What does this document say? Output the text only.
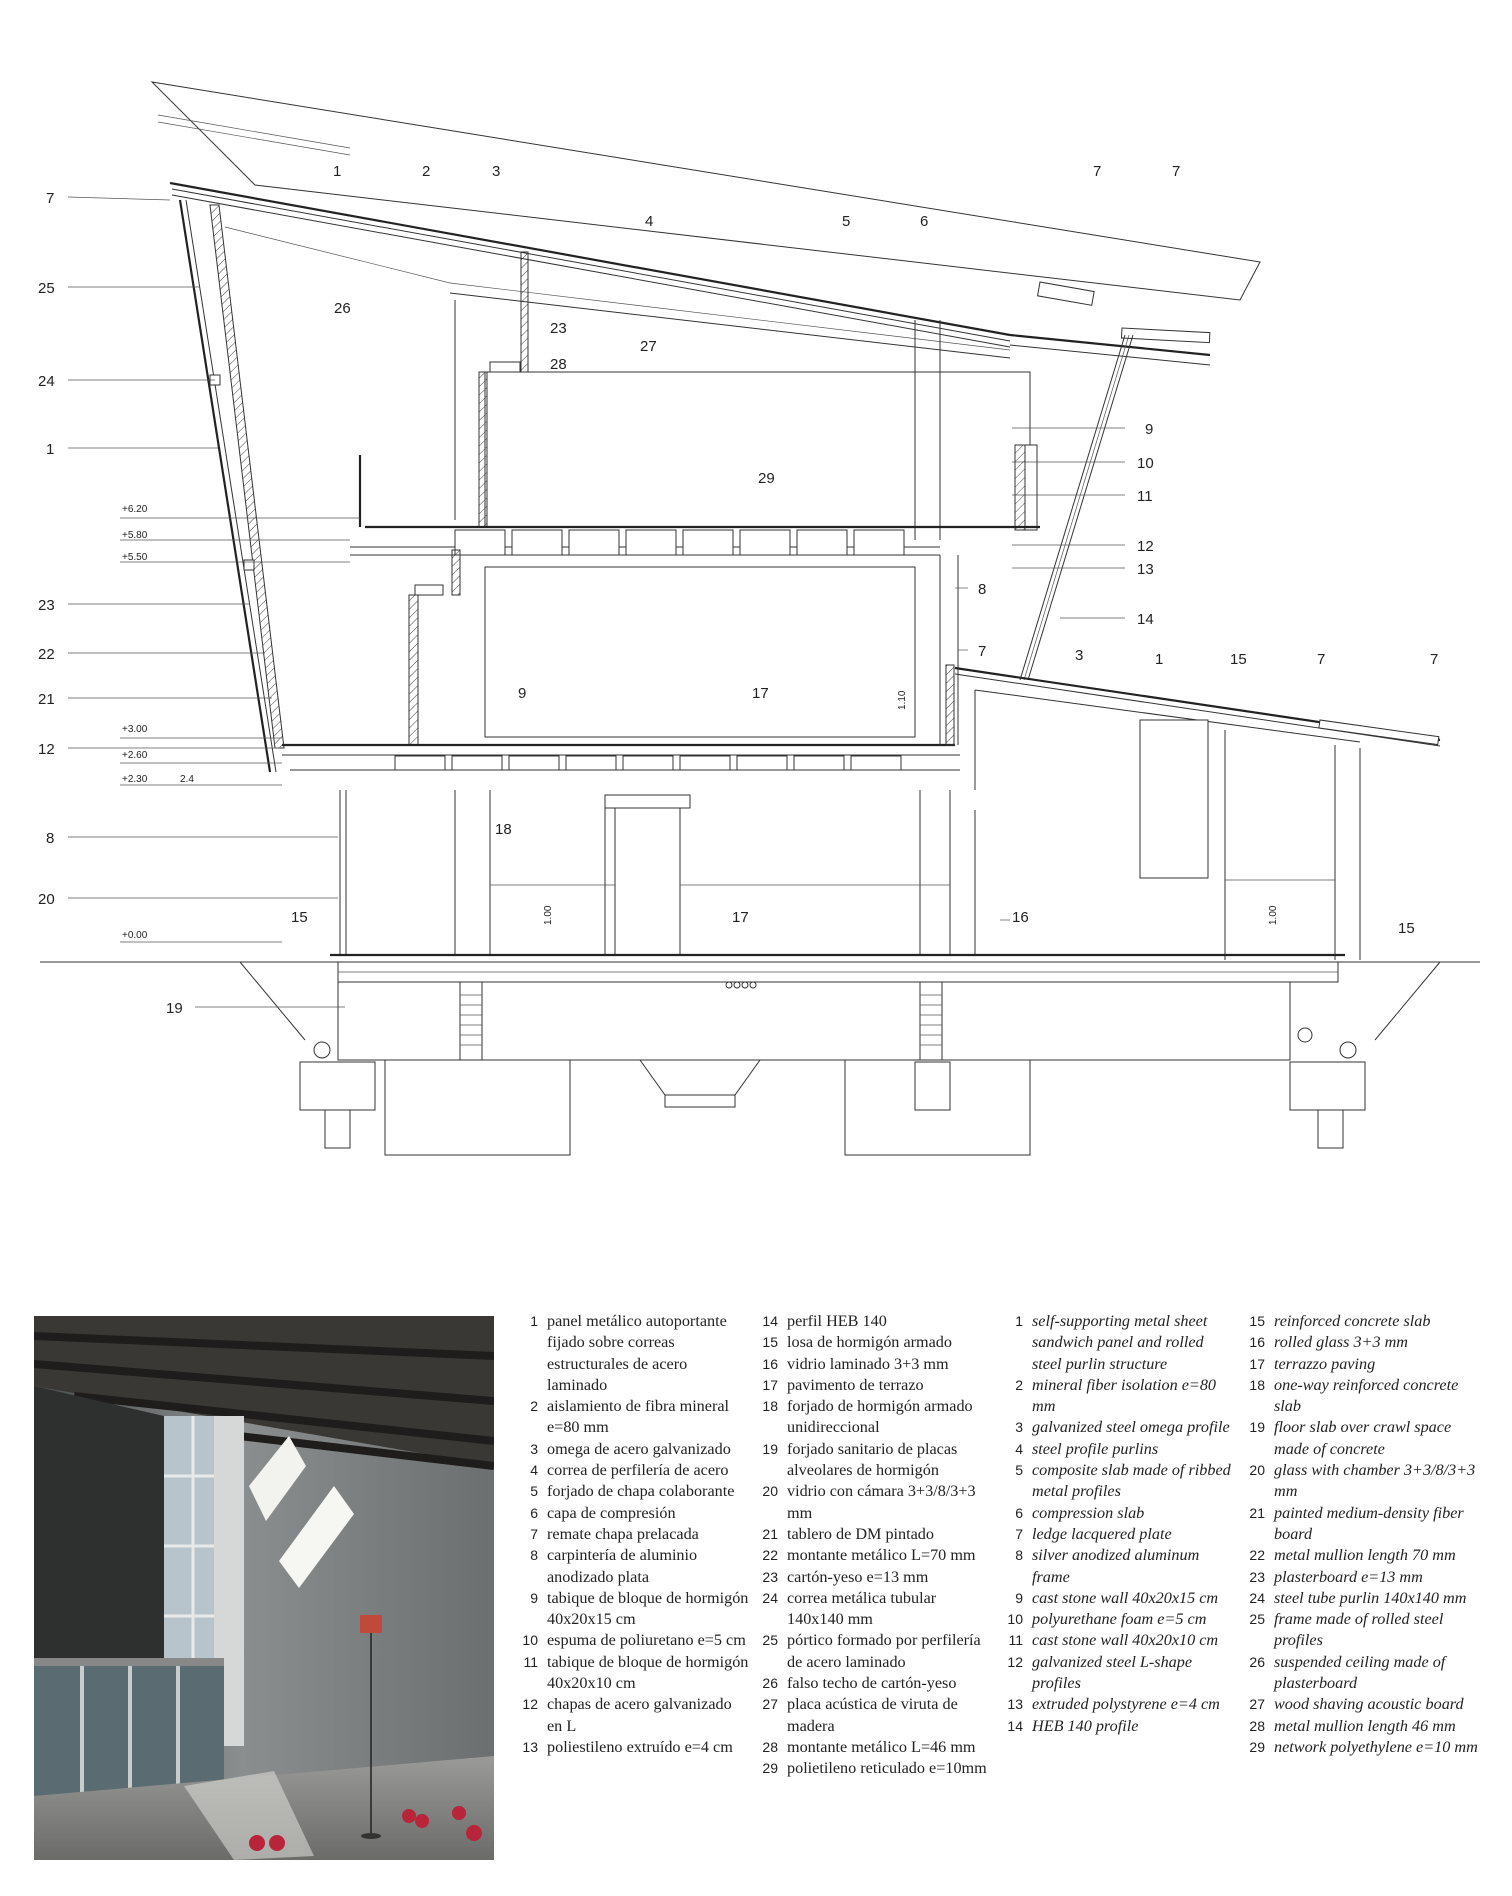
+6.20
+5.80
+5.50
+3.00
+2.60
+2.30
+0.00
2.4
1.10
1.00	1.00
1	2	3
4	5	6
7	7
7
25
24
1
23
22
21
12
8
20
19
9
10
11
12
13
8
14
7	3	1	15	7	7
26
23
28
27
29
9	17
18
15	17	16
15
1 panel metálico autoportante fijado sobre correas estructurales de acero laminado
2 aislamiento de fibra mineral e=80 mm
3 omega de acero galvanizado
4 correa de perfilería de acero
5 forjado de chapa colaborante
6 capa de compresión
7 remate chapa prelacada
8 carpintería de aluminio anodizado plata
9 tabique de bloque de hormigón 40x20x15 cm
10 espuma de poliuretano e=5 cm
11 tabique de bloque de hormigón 40x20x10 cm
12 chapas de acero galvanizado en L
13 poliestileno extruído e=4 cm
14 perfil HEB 140
15 losa de hormigón armado
16 vidrio laminado 3+3 mm
17 pavimento de terrazo
18 forjado de hormigón armado unidireccional
19 forjado sanitario de placas alveolares de hormigón
20 vidrio con cámara 3+3/8/3+3 mm
21 tablero de DM pintado
22 montante metálico L=70 mm
23 cartón-yeso e=13 mm
24 correa metálica tubular 140x140 mm
25 pórtico formado por perfilería de acero laminado
26 falso techo de cartón-yeso
27 placa acústica de viruta de madera
28 montante metálico L=46 mm
29 polietileno reticulado e=10mm
1 self-supporting metal sheet sandwich panel and rolled steel purlin structure
2 mineral fiber isolation e=80 mm
3 galvanized steel omega profile
4 steel profile purlins
5 composite slab made of ribbed metal profiles
6 compression slab
7 ledge lacquered plate
8 silver anodized aluminum frame
9 cast stone wall 40x20x15 cm
10 polyurethane foam e=5 cm
11 cast stone wall 40x20x10 cm
12 galvanized steel L-shape profiles
13 extruded polystyrene e=4 cm
14 HEB 140 profile
15 reinforced concrete slab
16 rolled glass 3+3 mm
17 terrazzo paving
18 one-way reinforced concrete slab
19 floor slab over crawl space made of concrete
20 glass with chamber 3+3/8/3+3 mm
21 painted medium-density fiber board
22 metal mullion length 70 mm
23 plasterboard e=13 mm
24 steel tube purlin 140x140 mm
25 frame made of rolled steel profiles
26 suspended ceiling made of plasterboard
27 wood shaving acoustic board
28 metal mullion length 46 mm
29 network polyethylene e=10 mm
